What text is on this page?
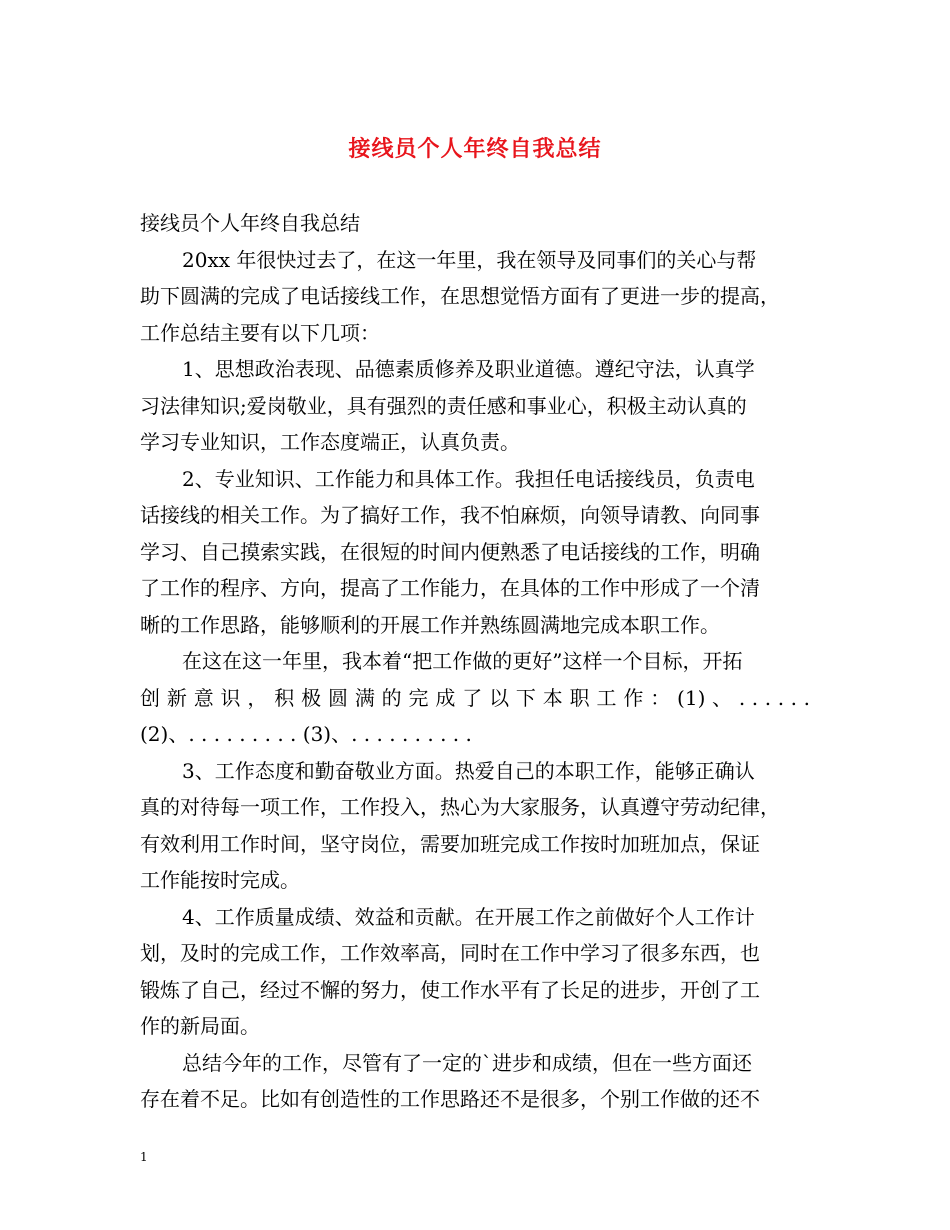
接线员个人年终自我总结
接线员个人年终自我总结
20xx 年很快过去了，在这一年里，我在领导及同事们的关心与帮
助下圆满的完成了电话接线工作，在思想觉悟方面有了更进一步的提高，
工作总结主要有以下几项：
1、思想政治表现、品德素质修养及职业道德。遵纪守法，认真学
习法律知识;爱岗敬业，具有强烈的责任感和事业心，积极主动认真的
学习专业知识，工作态度端正，认真负责。
2、专业知识、工作能力和具体工作。我担任电话接线员，负责电
话接线的相关工作。为了搞好工作，我不怕麻烦，向领导请教、向同事
学习、自己摸索实践，在很短的时间内便熟悉了电话接线的工作，明确
了工作的程序、方向，提高了工作能力，在具体的工作中形成了一个清
晰的工作思路，能够顺利的开展工作并熟练圆满地完成本职工作。
在这在这一年里，我本着“把工作做的更好”这样一个目标，开拓
创 新 意 识 ， 积 极 圆 满 的 完 成 了 以 下 本 职 工 作 ： (1) 、 . . . . . .
(2)、. . . . . . . . . (3)、. . . . . . . . . .
3、工作态度和勤奋敬业方面。热爱自己的本职工作，能够正确认
真的对待每一项工作，工作投入，热心为大家服务，认真遵守劳动纪律，
有效利用工作时间，坚守岗位，需要加班完成工作按时加班加点，保证
工作能按时完成。
4、工作质量成绩、效益和贡献。在开展工作之前做好个人工作计
划，及时的完成工作，工作效率高，同时在工作中学习了很多东西，也
锻炼了自己，经过不懈的努力，使工作水平有了长足的进步，开创了工
作的新局面。
总结今年的工作，尽管有了一定的`进步和成绩，但在一些方面还
存在着不足。比如有创造性的工作思路还不是很多，个别工作做的还不
1
